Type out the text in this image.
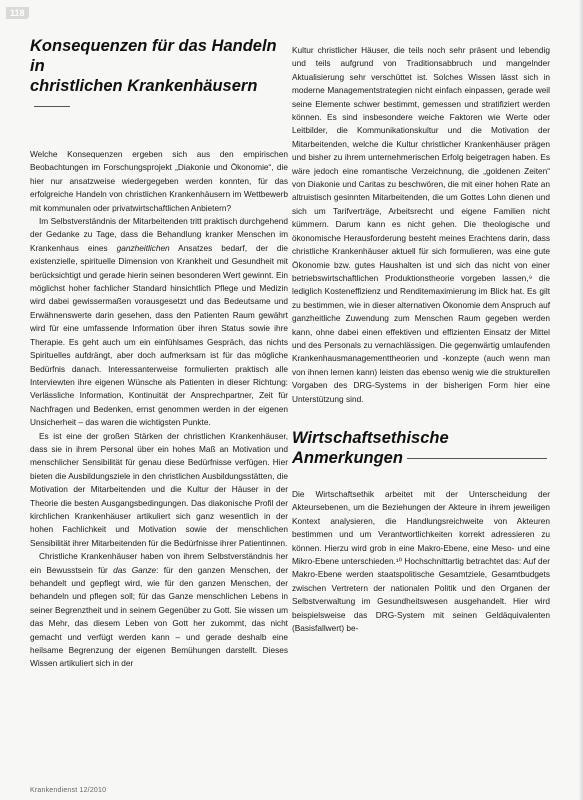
118
Konsequenzen für das Handeln in
christlichen Krankenhäusern

Welche Konsequenzen ergeben sich aus den empirischen Beobachtungen im Forschungsprojekt „Diakonie und Ökonomie“, die hier nur ansatzweise wiedergegeben werden konnten, für das erfolgreiche Handeln von christlichen Krankenhäusern im Wettbewerb mit kommunalen oder privatwirtschaftlichen Anbietern?

Im Selbstverständnis der Mitarbeitenden tritt praktisch durchgehend der Gedanke zu Tage, dass die Behandlung kranker Menschen im Krankenhaus eines ganzheitlichen Ansatzes bedarf, der die existenzielle, spirituelle Dimension von Krankheit und Gesundheit mit berücksichtigt und gerade hierin seinen besonderen Wert gewinnt. Ein möglichst hoher fachlicher Standard hinsichtlich Pflege und Medizin wird dabei gewissermaßen vorausgesetzt und das Bedeutsame und Erwähnenswerte darin gesehen, dass den Patienten Raum gewährt wird für eine umfassende Information über ihren Status sowie ihre Therapie. Es geht auch um ein einfühlsames Gespräch, das nichts Spirituelles aufdrängt, aber doch aufmerksam ist für das mögliche Bedürfnis danach. Interessanterweise formulierten praktisch alle Interviewten ihre eigenen Wünsche als Patienten in dieser Richtung: Verlässliche Information, Kontinuität der Ansprechpartner, Zeit für Nachfragen und Bedenken, ernst genommen werden in der eigenen Unsicherheit – das waren die wichtigsten Punkte.

Es ist eine der großen Stärken der christlichen Krankenhäuser, dass sie in ihrem Personal über ein hohes Maß an Motivation und menschlicher Sensibilität für genau diese Bedürfnisse verfügen. Hier bieten die Ausbildungsziele in den christlichen Ausbildungsstätten, die Motivation der Mitarbeitenden und die Kultur der Häuser in der Theorie die besten Ausgangsbedingungen. Das diakonische Profil der kirchlichen Krankenhäuser artikuliert sich ganz wesentlich in der hohen Fachlichkeit und Motivation sowie der menschlichen Sensibilität ihrer Mitarbeitenden für die Bedürfnisse ihrer Patientinnen.

Christliche Krankenhäuser haben von ihrem Selbstverständnis her ein Bewusstsein für das Ganze: für den ganzen Menschen, der behandelt und gepflegt wird, wie für den ganzen Menschen, der behandeln und pflegen soll; für das Ganze menschlichen Lebens in seiner Begrenztheit und in seinem Gegenüber zu Gott. Sie wissen um das Mehr, das diesem Leben von Gott her zukommt, das nicht gemacht und verfügt werden kann – und gerade deshalb eine heilsame Begrenzung der eigenen Bemühungen darstellt. Dieses Wissen artikuliert sich in der

Kultur christlicher Häuser, die teils noch sehr präsent und lebendig und teils aufgrund von Traditionsabbruch und mangelnder Aktualisierung sehr verschüttet ist. Solches Wissen lässt sich in moderne Managementstrategien nicht einfach einpassen, gerade weil seine Elemente schwer bestimmt, gemessen und stratifiziert werden können. Es sind insbesondere weiche Faktoren wie Werte oder Leitbilder, die Kommunikationskultur und die Motivation der Mitarbeitenden, welche die Kultur christlicher Krankenhäuser prägen und bisher zu ihrem unternehmerischen Erfolg beigetragen haben. Es wäre jedoch eine romantische Verzeichnung, die „goldenen Zeiten“ von Diakonie und Caritas zu beschwören, die mit einer hohen Rate an altruistisch gesinnten Mitarbeitenden, die um Gottes Lohn dienen und sich um Tarifverträge, Arbeitsrecht und eigene Familien nicht kümmern. Darum kann es nicht gehen. Die theologische und ökonomische Herausforderung besteht meines Erachtens darin, dass christliche Krankenhäuser aktuell für sich formulieren, was eine gute Ökonomie bzw. gutes Haushalten ist und sich das nicht von einer betriebswirtschaftlichen Produktionstheorie vorgeben lassen,⁹ die lediglich Kosteneffizienz und Renditemaximierung im Blick hat. Es gilt zu bestimmen, wie in dieser alternativen Ökonomie dem Anspruch auf ganzheitliche Zuwendung zum Menschen Raum gegeben werden kann, ohne dabei einen effektiven und effizienten Einsatz der Mittel und des Personals zu vernachlässigen. Die gegenwärtig umlaufenden Krankenhausmanagementtheorien und -konzepte (auch wenn man von ihnen lernen kann) leisten das ebenso wenig wie die strukturellen Vorgaben des DRG-Systems in der bisherigen Form hier eine Unterstützung sind.

Wirtschaftsethische
Anmerkungen

Die Wirtschaftsethik arbeitet mit der Unterscheidung der Akteursebenen, um die Beziehungen der Akteure in ihrem jeweiligen Kontext analysieren, die Handlungsreichweite von Akteuren bestimmen und um Verantwortlichkeiten korrekt adressieren zu können. Hierzu wird grob in eine Makro-Ebene, eine Meso- und eine Mikro-Ebene unterschieden.¹⁰ Hochschnittartig betrachtet das: Auf der Makro-Ebene werden staatspolitische Gesamtziele, Gesamtbudgets zwischen Vertretern der nationalen Politik und den Organen der Selbstverwaltung im Gesundheitswesen ausgehandelt. Hier wird beispielsweise das DRG-System mit seinen Geldäquivalenten (Basisfallwert) be-

Krankendienst 12/2010
